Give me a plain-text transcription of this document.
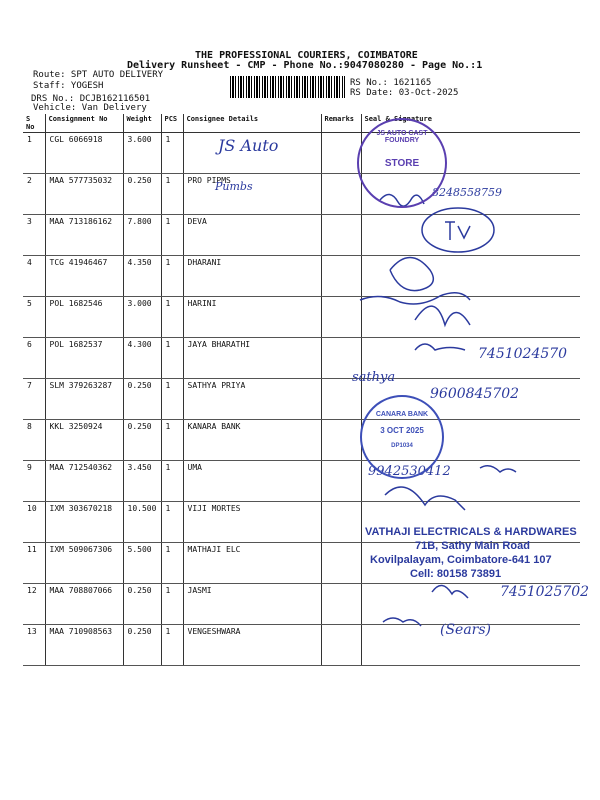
THE PROFESSIONAL COURIERS, COIMBATORE
Delivery Runsheet - CMP - Phone No.:9047080280 - Page No.:1
Route: SPT AUTO DELIVERY
Staff: YOGESH
DRS No.: DCJB162116501
Vehicle: Van Delivery
RS No.: 1621165
RS Date: 03-Oct-2025
S No	Consignment No	Weight	PCS	Consignee Details	Remarks	Seal & Signature
1	CGL 6066918	3.600	1			
2	MAA 577735032	0.250	1	PRO PIPMS		
3	MAA 713186162	7.800	1	DEVA		
4	TCG 41946467	4.350	1	DHARANI		
5	POL 1682546	3.000	1	HARINI		
6	POL 1682537	4.300	1	JAYA BHARATHI		
7	SLM 379263287	0.250	1	SATHYA PRIYA		
8	KKL 3250924	0.250	1	KANARA BANK		
9	MAA 712540362	3.450	1	UMA		
10	IXM 303670218	10.500	1	VIJI MORTES		
11	IXM 509067306	5.500	1	MATHAJI ELC		
12	MAA 708807066	0.250	1	JASMI		
13	MAA 710908563	0.250	1	VENGESHWARA		
JS Auto
Pumbs	8248558759
7451024570
sathya
9600845702
9942530412
7451025702
(Sears)
JS AUTO CAST FOUNDRY
STORE
CANARA BANK
3 OCT 2025
DP1034
VATHAJI ELECTRICALS & HARDWARES
71B, Sathy Main Road
Kovilpalayam, Coimbatore-641 107
Cell: 80158 73891
